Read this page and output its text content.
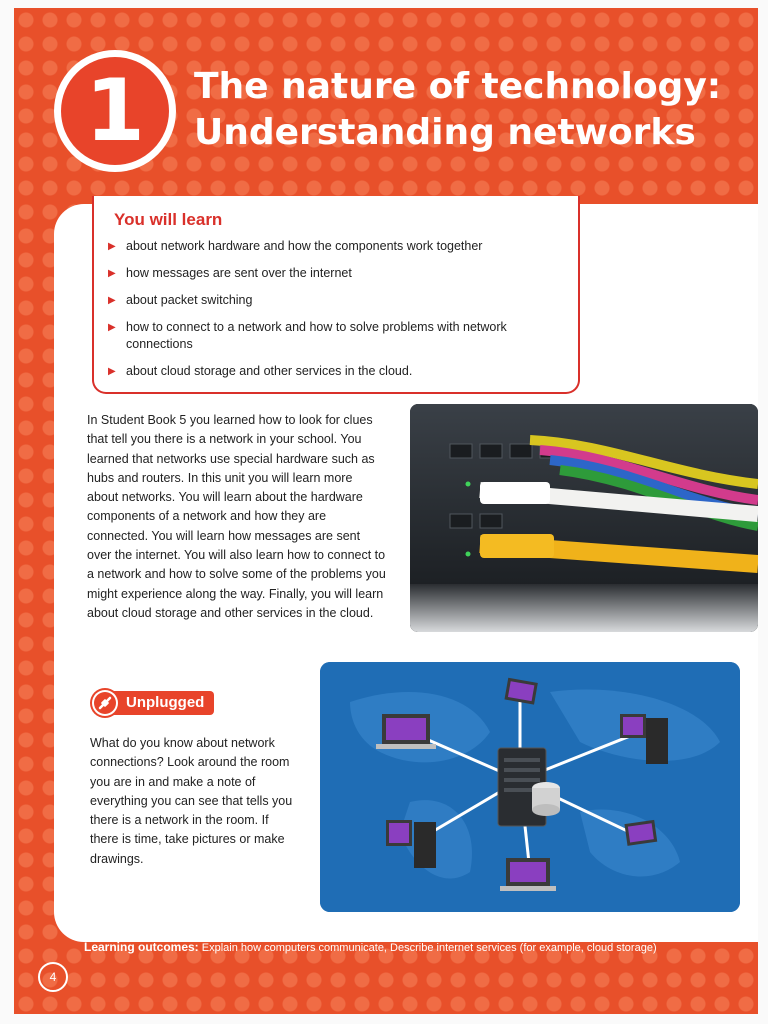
1	The nature of technology:
Understanding networks
You will learn
▶ about network hardware and how the components work together
▶ how messages are sent over the internet
▶ about packet switching
▶ how to connect to a network and how to solve problems with network connections
▶ about cloud storage and other services in the cloud.

In Student Book 5 you learned how to look for clues that tell you there is a network in your school. You learned that networks use special hardware such as hubs and routers. In this unit you will learn more about networks. You will learn about the hardware components of a network and how they are connected. You will learn how messages are sent over the internet. You will also learn how to connect to a network and how to solve some of the problems you might experience along the way. Finally, you will learn about cloud storage and other services in the cloud.

Unplugged

What do you know about network connections? Look around the room you are in and make a note of everything you can see that tells you there is a network in the room. If there is time, take pictures or make drawings.

Learning outcomes: Explain how computers communicate, Describe internet services (for example, cloud storage)
4
